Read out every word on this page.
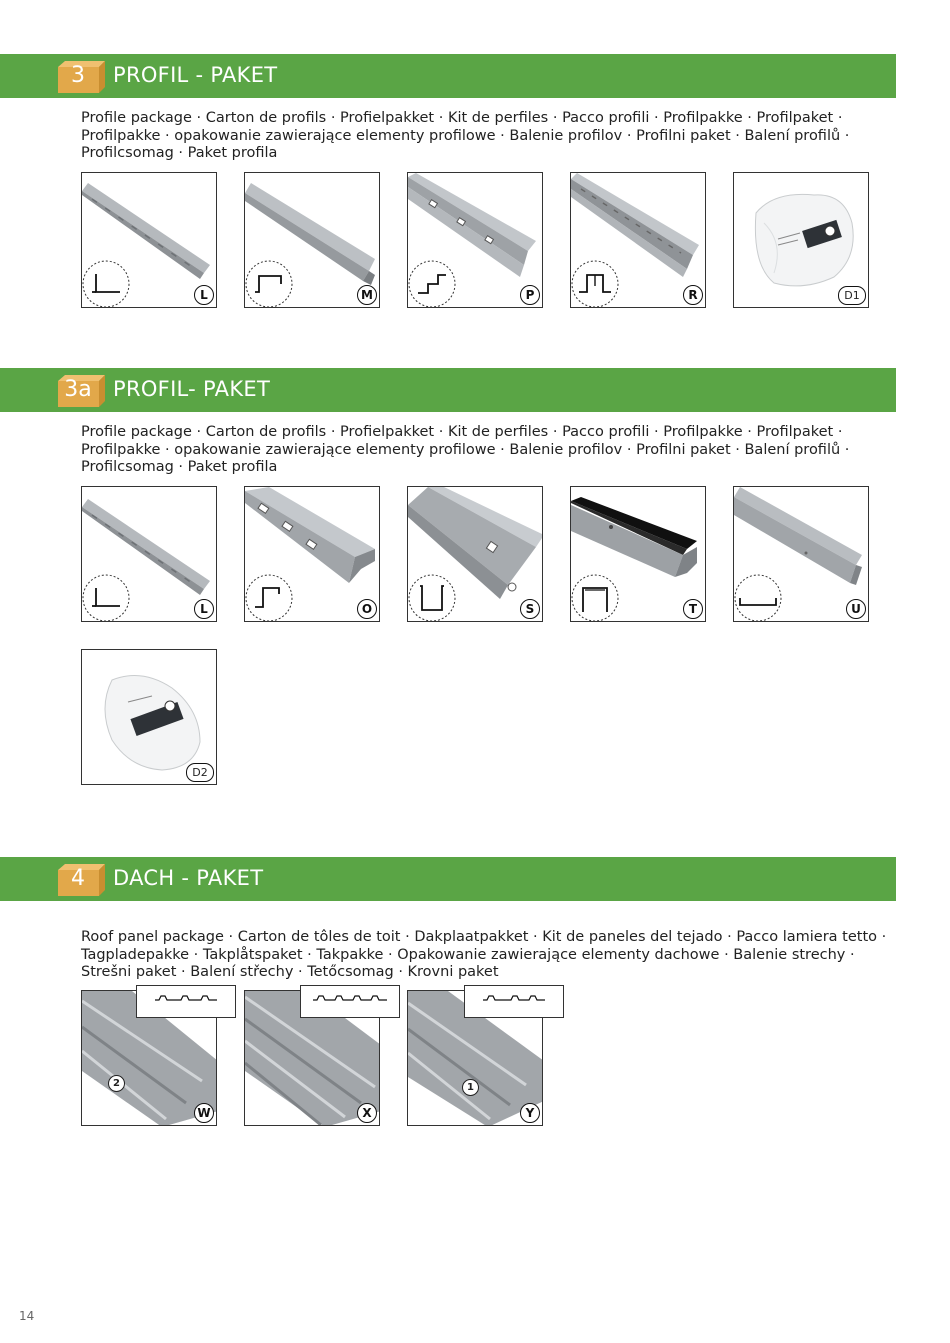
3	PROFIL - PAKET
Profile package · Carton de profils · Profielpakket · Kit de perfiles · Pacco profili · Profilpakke · Profilpaket · Profilpakke · opakowanie zawierające elementy profilowe · Balenie profilov · Profilni paket · Balení profilů · Profilcsomag · Paket profila
L	M	P	R	D1
3a	PROFIL- PAKET
Profile package · Carton de profils · Profielpakket · Kit de perfiles · Pacco profili · Profilpakke · Profilpaket · Profilpakke · opakowanie zawierające elementy profilowe · Balenie profilov · Profilni paket · Balení profilů · Profilcsomag · Paket profila
L	O	S	T	U
D2
4	DACH - PAKET
Roof panel package · Carton de tôles de toit · Dakplaatpakket · Kit de paneles del tejado · Pacco lamiera tetto · Tagpladepakke · Takplåtspaket · Takpakke · Opakowanie zawierające elementy dachowe · Balenie strechy · Strešni paket · Balení střechy · Tetőcsomag · Krovni paket
2
W	X
1
Y
14
